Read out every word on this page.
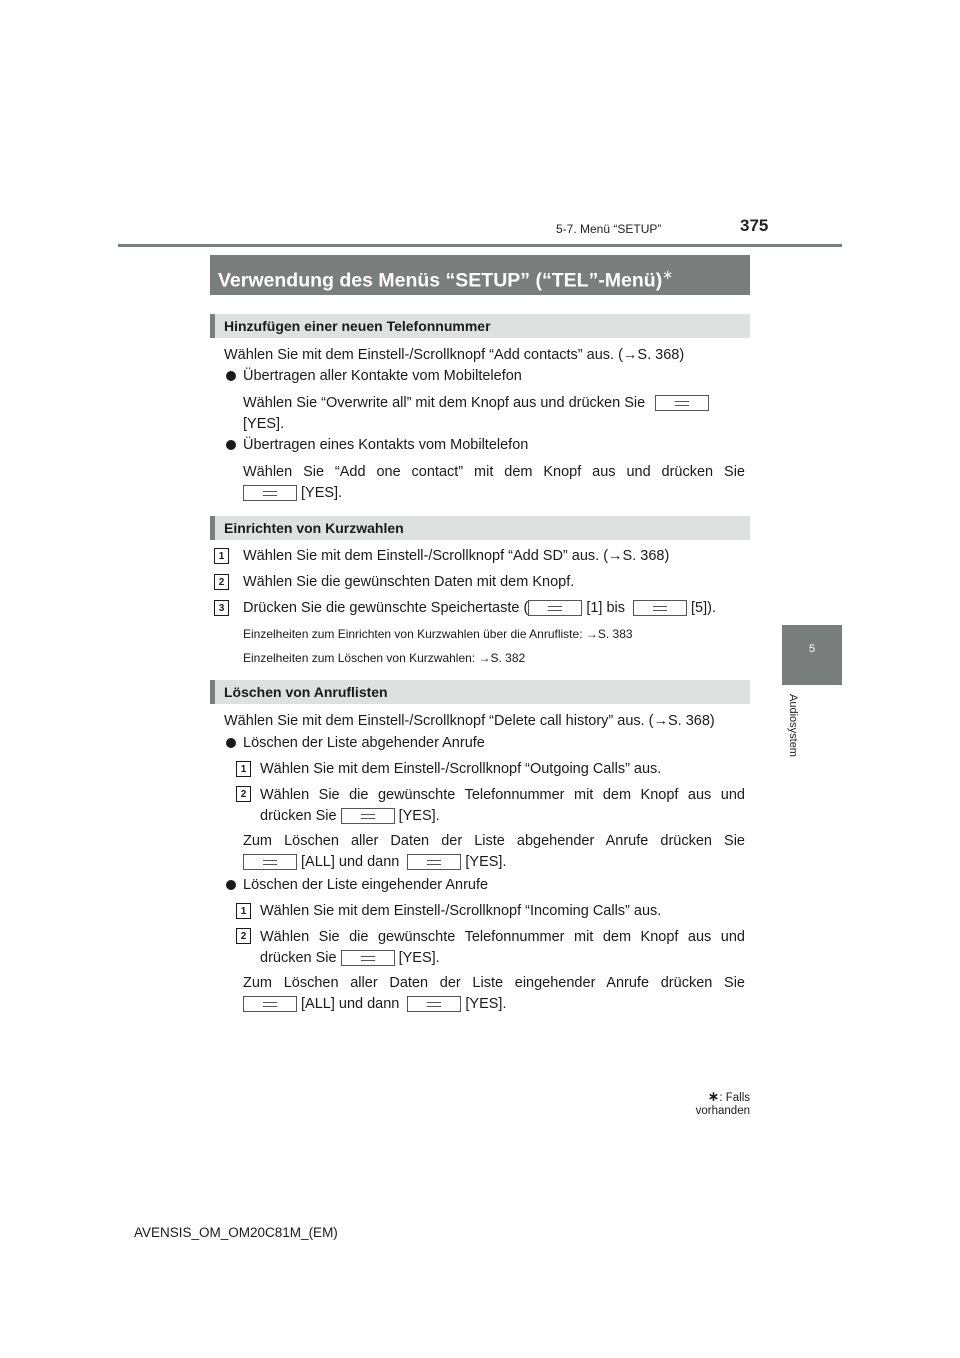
5-7. Menü “SETUP”	375
5
Audiosystem
Verwendung des Menüs “SETUP” (“TEL”-Menü)∗
Hinzufügen einer neuen Telefonnummer
Wählen Sie mit dem Einstell-/Scrollknopf “Add contacts” aus. (→S. 368)
Übertragen aller Kontakte vom Mobiltelefon
Wählen Sie “Overwrite all” mit dem Knopf aus und drücken Sie
[YES].
Übertragen eines Kontakts vom Mobiltelefon
Wählen Sie “Add one contact” mit dem Knopf aus und drücken Sie
[YES].
Einrichten von Kurzwahlen
1	Wählen Sie mit dem Einstell-/Scrollknopf “Add SD” aus. (→S. 368)
2	Wählen Sie die gewünschten Daten mit dem Knopf.
3	Drücken Sie die gewünschte Speichertaste (	[1] bis	[5]).
Einzelheiten zum Einrichten von Kurzwahlen über die Anrufliste: →S. 383
Einzelheiten zum Löschen von Kurzwahlen: →S. 382
Löschen von Anruflisten
Wählen Sie mit dem Einstell-/Scrollknopf “Delete call history” aus. (→S. 368)
Löschen der Liste abgehender Anrufe
1 Wählen Sie mit dem Einstell-/Scrollknopf “Outgoing Calls” aus.
2 Wählen Sie die gewünschte Telefonnummer mit dem Knopf aus und
drücken Sie	[YES].
Zum Löschen aller Daten der Liste abgehender Anrufe drücken Sie
[ALL] und dann	[YES].
Löschen der Liste eingehender Anrufe
1 Wählen Sie mit dem Einstell-/Scrollknopf “Incoming Calls” aus.
2 Wählen Sie die gewünschte Telefonnummer mit dem Knopf aus und
drücken Sie	[YES].
Zum Löschen aller Daten der Liste eingehender Anrufe drücken Sie
[ALL] und dann	[YES].
∗: Falls vorhanden
AVENSIS_OM_OM20C81M_(EM)
